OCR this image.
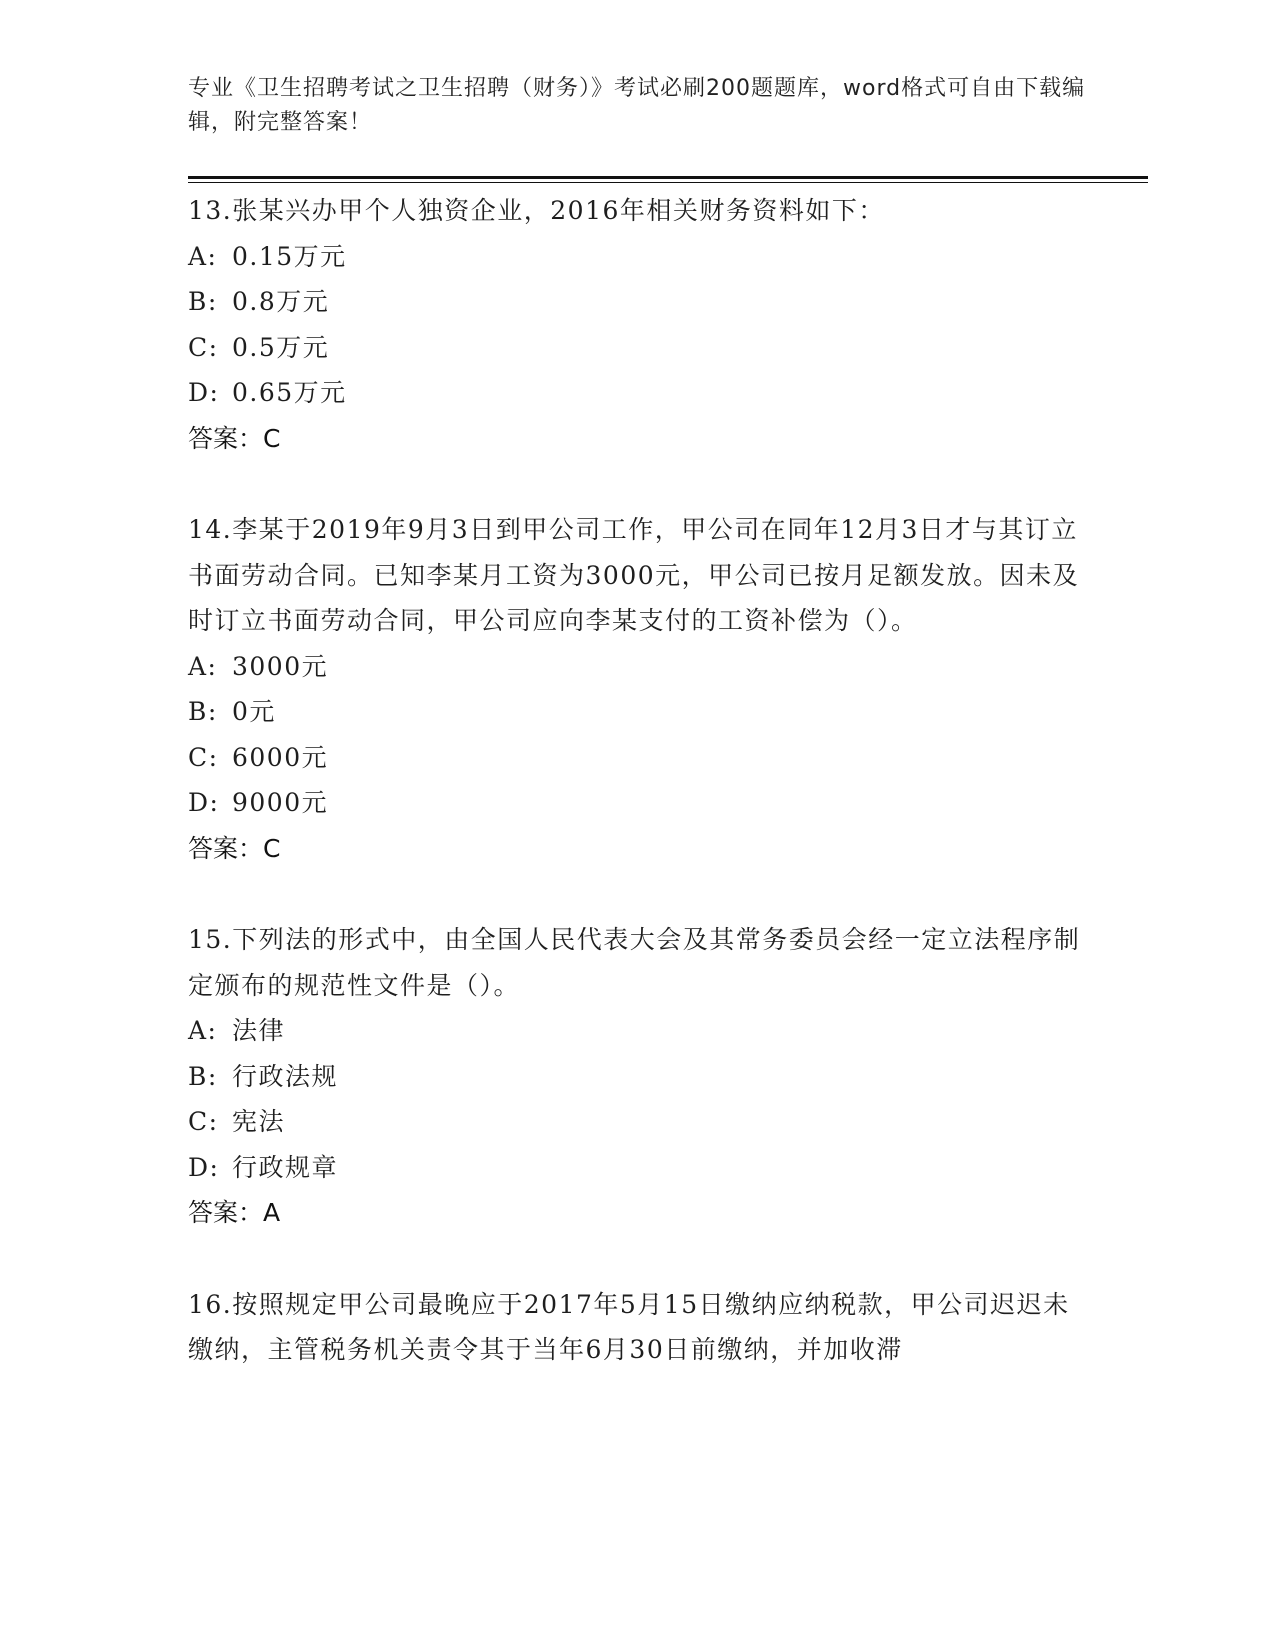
专业《卫生招聘考试之卫生招聘（财务）》考试必刷200题题库，word格式可自由下载编辑，附完整答案！

13.张某兴办甲个人独资企业，2016年相关财务资料如下：

A: 0.15万元

B: 0.8万元

C: 0.5万元

D: 0.65万元

答案：C

14.李某于2019年9月3日到甲公司工作，甲公司在同年12月3日才与其订立书面劳动合同。已知李某月工资为3000元，甲公司已按月足额发放。因未及时订立书面劳动合同，甲公司应向李某支付的工资补偿为（）。

A: 3000元

B: 0元

C: 6000元

D: 9000元

答案：C

15.下列法的形式中，由全国人民代表大会及其常务委员会经一定立法程序制定颁布的规范性文件是（）。

A: 法律

B: 行政法规

C: 宪法

D: 行政规章

答案：A

16.按照规定甲公司最晚应于2017年5月15日缴纳应纳税款，甲公司迟迟未缴纳，主管税务机关责令其于当年6月30日前缴纳，并加收滞
